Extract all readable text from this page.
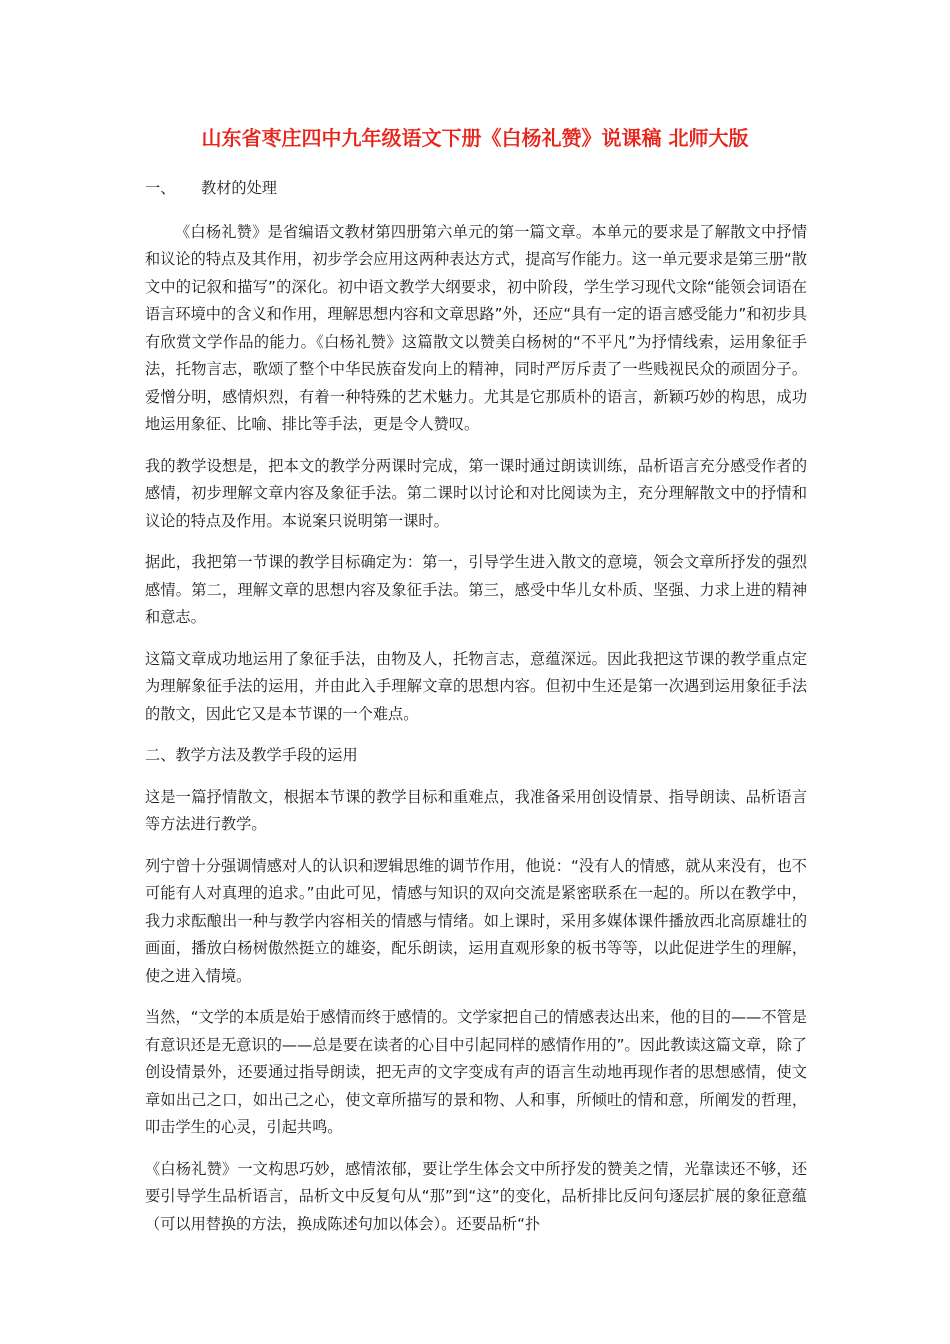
山东省枣庄四中九年级语文下册《白杨礼赞》说课稿 北师大版
一、 教材的处理

《白杨礼赞》是省编语文教材第四册第六单元的第一篇文章。本单元的要求是了解散文中抒情和议论的特点及其作用，初步学会应用这两种表达方式，提高写作能力。这一单元要求是第三册“散文中的记叙和描写”的深化。初中语文教学大纲要求，初中阶段，学生学习现代文除“能领会词语在语言环境中的含义和作用，理解思想内容和文章思路”外，还应“具有一定的语言感受能力”和初步具有欣赏文学作品的能力。《白杨礼赞》这篇散文以赞美白杨树的“不平凡”为抒情线索，运用象征手法，托物言志，歌颂了整个中华民族奋发向上的精神，同时严厉斥责了一些贱视民众的顽固分子。爱憎分明，感情炽烈，有着一种特殊的艺术魅力。尤其是它那质朴的语言，新颖巧妙的构思，成功地运用象征、比喻、排比等手法，更是令人赞叹。

我的教学设想是，把本文的教学分两课时完成，第一课时通过朗读训练，品析语言充分感受作者的感情，初步理解文章内容及象征手法。第二课时以讨论和对比阅读为主，充分理解散文中的抒情和议论的特点及作用。本说案只说明第一课时。

据此，我把第一节课的教学目标确定为：第一，引导学生进入散文的意境，领会文章所抒发的强烈感情。第二，理解文章的思想内容及象征手法。第三，感受中华儿女朴质、坚强、力求上进的精神和意志。

这篇文章成功地运用了象征手法，由物及人，托物言志，意蕴深远。因此我把这节课的教学重点定为理解象征手法的运用，并由此入手理解文章的思想内容。但初中生还是第一次遇到运用象征手法的散文，因此它又是本节课的一个难点。

二、教学方法及教学手段的运用

这是一篇抒情散文，根据本节课的教学目标和重难点，我准备采用创设情景、指导朗读、品析语言等方法进行教学。

列宁曾十分强调情感对人的认识和逻辑思维的调节作用，他说：“没有人的情感，就从来没有，也不可能有人对真理的追求。”由此可见，情感与知识的双向交流是紧密联系在一起的。所以在教学中，我力求酝酿出一种与教学内容相关的情感与情绪。如上课时，采用多媒体课件播放西北高原雄壮的画面，播放白杨树傲然挺立的雄姿，配乐朗读，运用直观形象的板书等等，以此促进学生的理解，使之进入情境。

当然，“文学的本质是始于感情而终于感情的。文学家把自己的情感表达出来，他的目的——不管是有意识还是无意识的——总是要在读者的心目中引起同样的感情作用的”。因此教读这篇文章，除了创设情景外，还要通过指导朗读，把无声的文字变成有声的语言生动地再现作者的思想感情，使文章如出己之口，如出己之心，使文章所描写的景和物、人和事，所倾吐的情和意，所阐发的哲理，叩击学生的心灵，引起共鸣。

《白杨礼赞》一文构思巧妙，感情浓郁，要让学生体会文中所抒发的赞美之情，光靠读还不够，还要引导学生品析语言，品析文中反复句从“那”到“这”的变化，品析排比反问句逐层扩展的象征意蕴（可以用替换的方法，换成陈述句加以体会）。还要品析“扑
